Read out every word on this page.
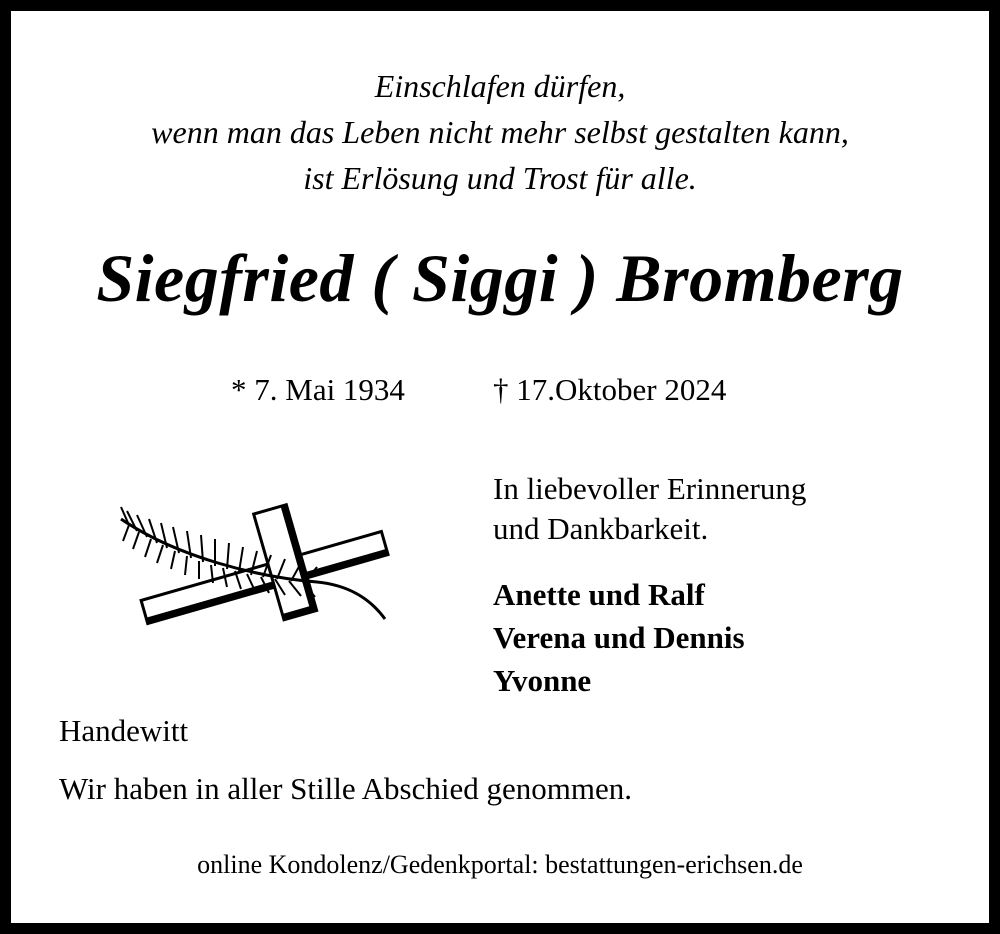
Einschlafen dürfen,
wenn man das Leben nicht mehr selbst gestalten kann,
ist Erlösung und Trost für alle.
Siegfried ( Siggi ) Bromberg
* 7. Mai 1934	† 17.Oktober 2024
In liebevoller Erinnerung
und Dankbarkeit.
Anette und Ralf
Verena und Dennis
Yvonne
Handewitt
Wir haben in aller Stille Abschied genommen.
online Kondolenz/Gedenkportal: bestattungen-erichsen.de
